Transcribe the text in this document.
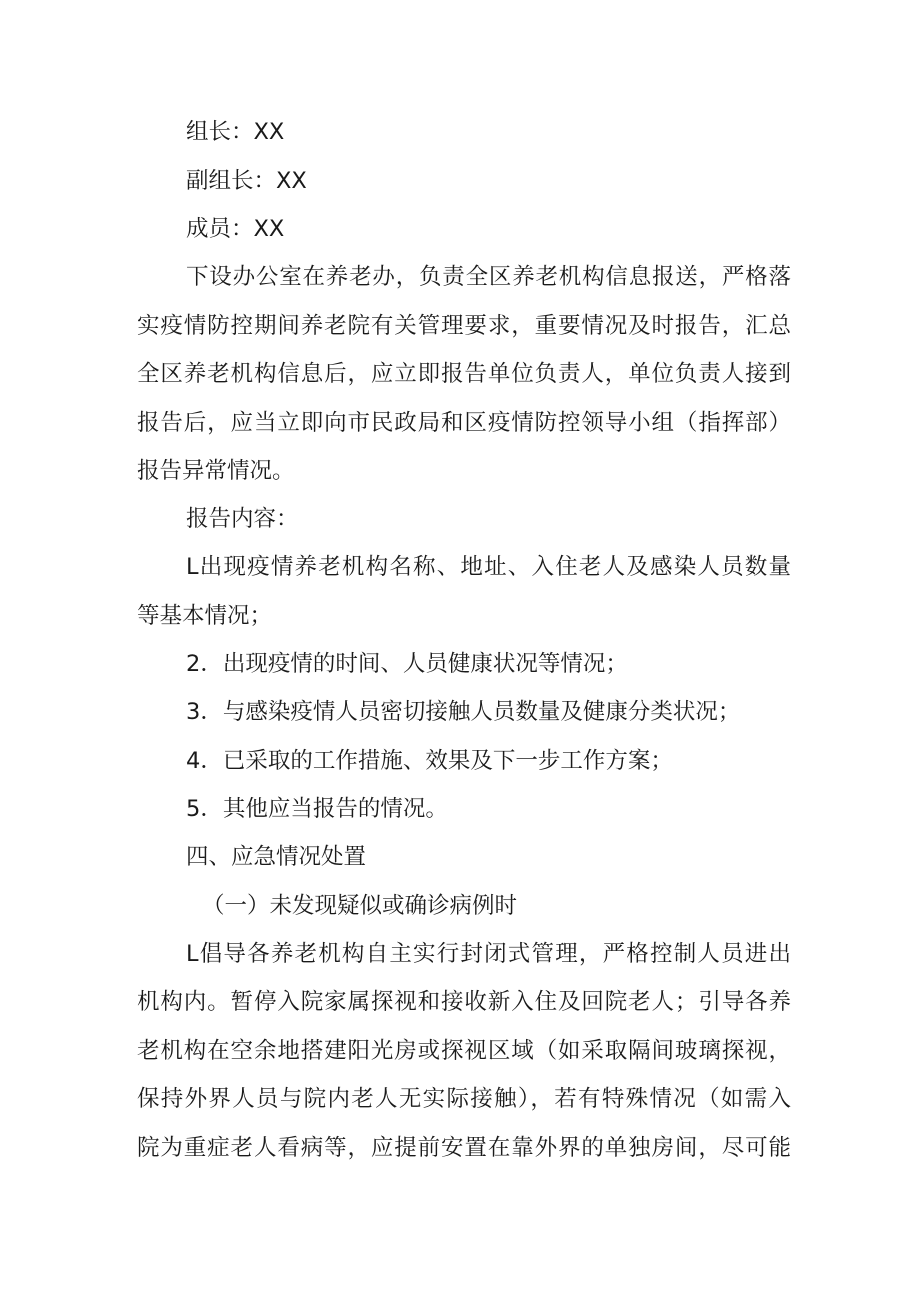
组长：XX
副组长：XX
成员：XX
下设办公室在养老办，负责全区养老机构信息报送，严格落
实疫情防控期间养老院有关管理要求，重要情况及时报告，汇总
全区养老机构信息后，应立即报告单位负责人，单位负责人接到
报告后，应当立即向市民政局和区疫情防控领导小组（指挥部）
报告异常情况。
报告内容：
L出现疫情养老机构名称、地址、入住老人及感染人员数量
等基本情况；
2．出现疫情的时间、人员健康状况等情况；
3．与感染疫情人员密切接触人员数量及健康分类状况；
4．已采取的工作措施、效果及下一步工作方案；
5．其他应当报告的情况。
四、应急情况处置
（一）未发现疑似或确诊病例时
L倡导各养老机构自主实行封闭式管理，严格控制人员进出
机构内。暂停入院家属探视和接收新入住及回院老人；引导各养
老机构在空余地搭建阳光房或探视区域（如采取隔间玻璃探视，
保持外界人员与院内老人无实际接触），若有特殊情况（如需入
院为重症老人看病等，应提前安置在靠外界的单独房间，尽可能
